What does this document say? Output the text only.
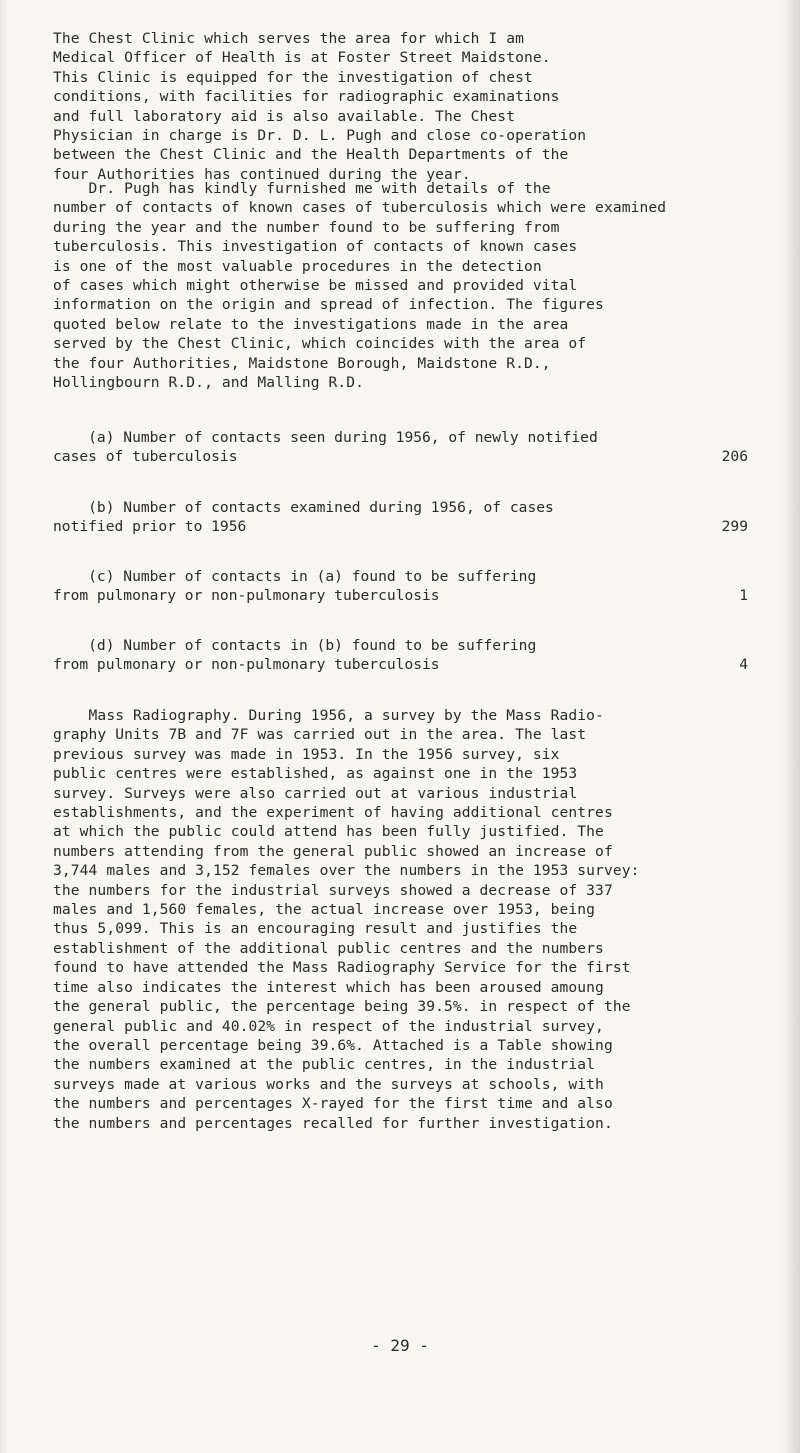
The Chest Clinic which serves the area for which I am

Medical Officer of Health is at Foster Street Maidstone.

This Clinic is equipped for the investigation of chest

conditions, with facilities for radiographic examinations

and full laboratory aid is also available. The Chest

Physician in charge is Dr. D. L. Pugh and close co-operation

between the Chest Clinic and the Health Departments of the

four Authorities has continued during the year.

Dr. Pugh has kindly furnished me with details of the

number of contacts of known cases of tuberculosis which were examined

during the year and the number found to be suffering from

tuberculosis. This investigation of contacts of known cases

is one of the most valuable procedures in the detection

of cases which might otherwise be missed and provided vital

information on the origin and spread of infection. The figures

quoted below relate to the investigations made in the area

served by the Chest Clinic, which coincides with the area of

the four Authorities, Maidstone Borough, Maidstone R.D.,

Hollingbourn R.D., and Malling R.D.

(a) Number of contacts seen during 1956, of newly notified
cases of tuberculosis	206
(b) Number of contacts examined during 1956, of cases
notified prior to 1956	299
(c) Number of contacts in (a) found to be suffering
from pulmonary or non-pulmonary tuberculosis	1
(d) Number of contacts in (b) found to be suffering
from pulmonary or non-pulmonary tuberculosis	4

Mass Radiography. During 1956, a survey by the Mass Radio-

graphy Units 7B and 7F was carried out in the area. The last

previous survey was made in 1953. In the 1956 survey, six

public centres were established, as against one in the 1953

survey. Surveys were also carried out at various industrial

establishments, and the experiment of having additional centres

at which the public could attend has been fully justified. The

numbers attending from the general public showed an increase of

3,744 males and 3,152 females over the numbers in the 1953 survey:

the numbers for the industrial surveys showed a decrease of 337

males and 1,560 females, the actual increase over 1953, being

thus 5,099. This is an encouraging result and justifies the

establishment of the additional public centres and the numbers

found to have attended the Mass Radiography Service for the first

time also indicates the interest which has been aroused amoung

the general public, the percentage being 39.5%. in respect of the

general public and 40.02% in respect of the industrial survey,

the overall percentage being 39.6%. Attached is a Table showing

the numbers examined at the public centres, in the industrial

surveys made at various works and the surveys at schools, with

the numbers and percentages X-rayed for the first time and also

the numbers and percentages recalled for further investigation.

- 29 -
